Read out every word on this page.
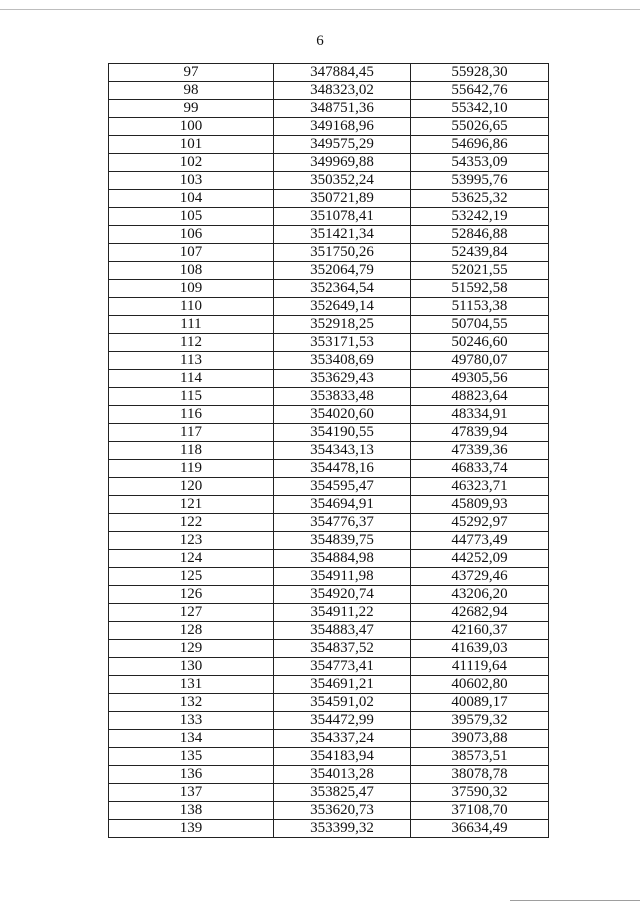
6
97	347884,45	55928,30
98	348323,02	55642,76
99	348751,36	55342,10
100	349168,96	55026,65
101	349575,29	54696,86
102	349969,88	54353,09
103	350352,24	53995,76
104	350721,89	53625,32
105	351078,41	53242,19
106	351421,34	52846,88
107	351750,26	52439,84
108	352064,79	52021,55
109	352364,54	51592,58
110	352649,14	51153,38
111	352918,25	50704,55
112	353171,53	50246,60
113	353408,69	49780,07
114	353629,43	49305,56
115	353833,48	48823,64
116	354020,60	48334,91
117	354190,55	47839,94
118	354343,13	47339,36
119	354478,16	46833,74
120	354595,47	46323,71
121	354694,91	45809,93
122	354776,37	45292,97
123	354839,75	44773,49
124	354884,98	44252,09
125	354911,98	43729,46
126	354920,74	43206,20
127	354911,22	42682,94
128	354883,47	42160,37
129	354837,52	41639,03
130	354773,41	41119,64
131	354691,21	40602,80
132	354591,02	40089,17
133	354472,99	39579,32
134	354337,24	39073,88
135	354183,94	38573,51
136	354013,28	38078,78
137	353825,47	37590,32
138	353620,73	37108,70
139	353399,32	36634,49
